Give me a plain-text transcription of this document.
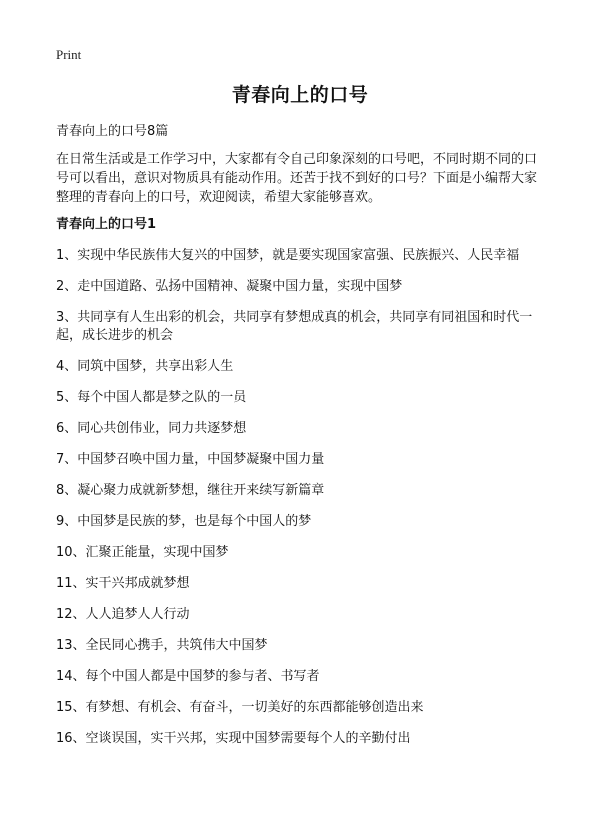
Print
青春向上的口号

青春向上的口号8篇

在日常生活或是工作学习中，大家都有令自己印象深刻的口号吧，不同时期不同的口号可以看出，意识对物质具有能动作用。还苦于找不到好的口号？下面是小编帮大家整理的青春向上的口号，欢迎阅读，希望大家能够喜欢。

青春向上的口号1
1、实现中华民族伟大复兴的中国梦，就是要实现国家富强、民族振兴、人民幸福
2、走中国道路、弘扬中国精神、凝聚中国力量，实现中国梦
3、共同享有人生出彩的机会，共同享有梦想成真的机会，共同享有同祖国和时代一起，成长进步的机会
4、同筑中国梦，共享出彩人生
5、每个中国人都是梦之队的一员
6、同心共创伟业，同力共逐梦想
7、中国梦召唤中国力量，中国梦凝聚中国力量
8、凝心聚力成就新梦想，继往开来续写新篇章
9、中国梦是民族的梦，也是每个中国人的梦
10、汇聚正能量，实现中国梦
11、实干兴邦成就梦想
12、人人追梦人人行动
13、全民同心携手，共筑伟大中国梦
14、每个中国人都是中国梦的参与者、书写者
15、有梦想、有机会、有奋斗，一切美好的东西都能够创造出来
16、空谈误国，实干兴邦，实现中国梦需要每个人的辛勤付出
